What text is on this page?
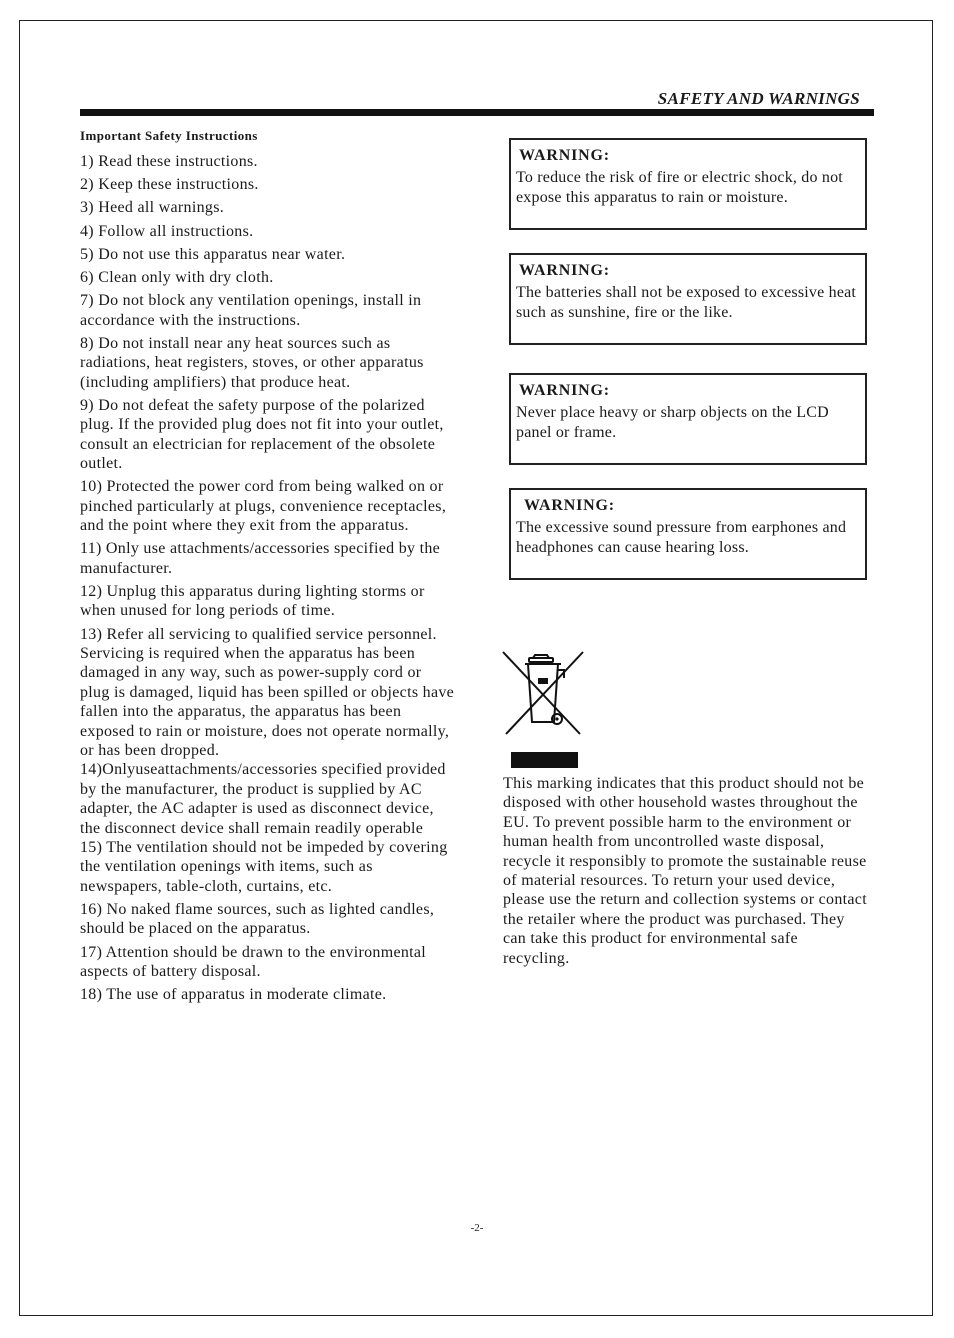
SAFETY AND WARNINGS
Important Safety Instructions
1) Read these instructions.
2) Keep these instructions.
3) Heed all warnings.
4) Follow all instructions.
5) Do not use this apparatus near water.
6) Clean only with dry cloth.
7) Do not block any ventilation openings, install in accordance with the instructions.
8) Do not install near any heat sources such as radiations, heat registers, stoves, or other apparatus (including amplifiers) that produce heat.
9) Do not defeat the safety purpose of the polarized plug. If the provided plug does not fit into your outlet, consult an electrician for replacement of the obsolete outlet.
10) Protected the power cord from being walked on or pinched particularly at plugs, convenience receptacles, and the point where they exit from the apparatus.
11) Only use attachments/accessories specified by the manufacturer.
12) Unplug this apparatus during lighting storms or when unused for long periods of time.
13) Refer all servicing to qualified service personnel. Servicing is required when the apparatus has been damaged in any way, such as power-supply cord or plug is damaged, liquid has been spilled or objects have fallen into the apparatus, the apparatus has been exposed to rain or moisture, does not operate normally, or has been dropped.
14)Onlyuseattachments/accessories specified provided by the manufacturer, the product is supplied by AC adapter, the AC adapter is used as disconnect device, the disconnect device shall remain readily operable
15) The ventilation should not be impeded by covering the ventilation openings with items, such as newspapers, table-cloth, curtains, etc.
16) No naked flame sources, such as lighted candles, should be placed on the apparatus.
17) Attention should be drawn to the environmental aspects of battery disposal.
18) The use of apparatus in moderate climate.
WARNING:
To reduce the risk of fire or electric shock, do not expose this apparatus to rain or moisture.
WARNING:
The batteries shall not be exposed to excessive heat such as sunshine, fire or the like.
WARNING:
Never place heavy or sharp objects on the LCD panel or frame.
WARNING:
The excessive sound pressure from earphones and headphones can cause hearing loss.
This marking indicates that this product should not be disposed with other household wastes throughout the EU. To prevent possible harm to the environment or human health from uncontrolled waste disposal, recycle it responsibly to promote the sustainable reuse of material resources. To return your used device, please use the return and collection systems or contact the retailer where the product was purchased. They can take this product for environmental safe recycling.
-2-
